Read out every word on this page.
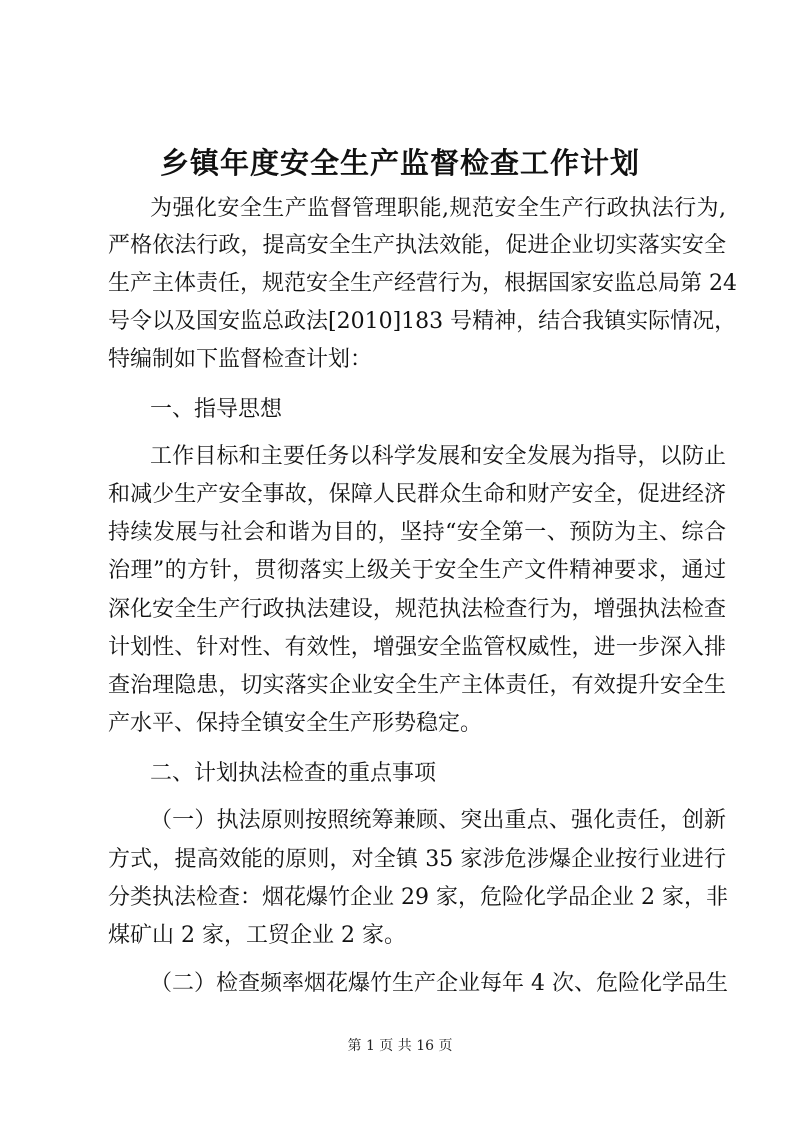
乡镇年度安全生产监督检查工作计划
为强化安全生产监督管理职能,规范安全生产行政执法行为,
严格依法行政，提高安全生产执法效能，促进企业切实落实安全
生产主体责任，规范安全生产经营行为，根据国家安监总局第 24
号令以及国安监总政法[2010]183 号精神，结合我镇实际情况，
特编制如下监督检查计划：
一、指导思想
工作目标和主要任务以科学发展和安全发展为指导，以防止
和减少生产安全事故，保障人民群众生命和财产安全，促进经济
持续发展与社会和谐为目的，坚持“安全第一、预防为主、综合
治理”的方针，贯彻落实上级关于安全生产文件精神要求，通过
深化安全生产行政执法建设，规范执法检查行为，增强执法检查
计划性、针对性、有效性，增强安全监管权威性，进一步深入排
查治理隐患，切实落实企业安全生产主体责任，有效提升安全生
产水平、保持全镇安全生产形势稳定。
二、计划执法检查的重点事项
（一）执法原则按照统筹兼顾、突出重点、强化责任，创新
方式，提高效能的原则，对全镇 35 家涉危涉爆企业按行业进行
分类执法检查：烟花爆竹企业 29 家，危险化学品企业 2 家，非
煤矿山 2 家，工贸企业 2 家。
（二）检查频率烟花爆竹生产企业每年 4 次、危险化学品生
第 1 页 共 16 页
